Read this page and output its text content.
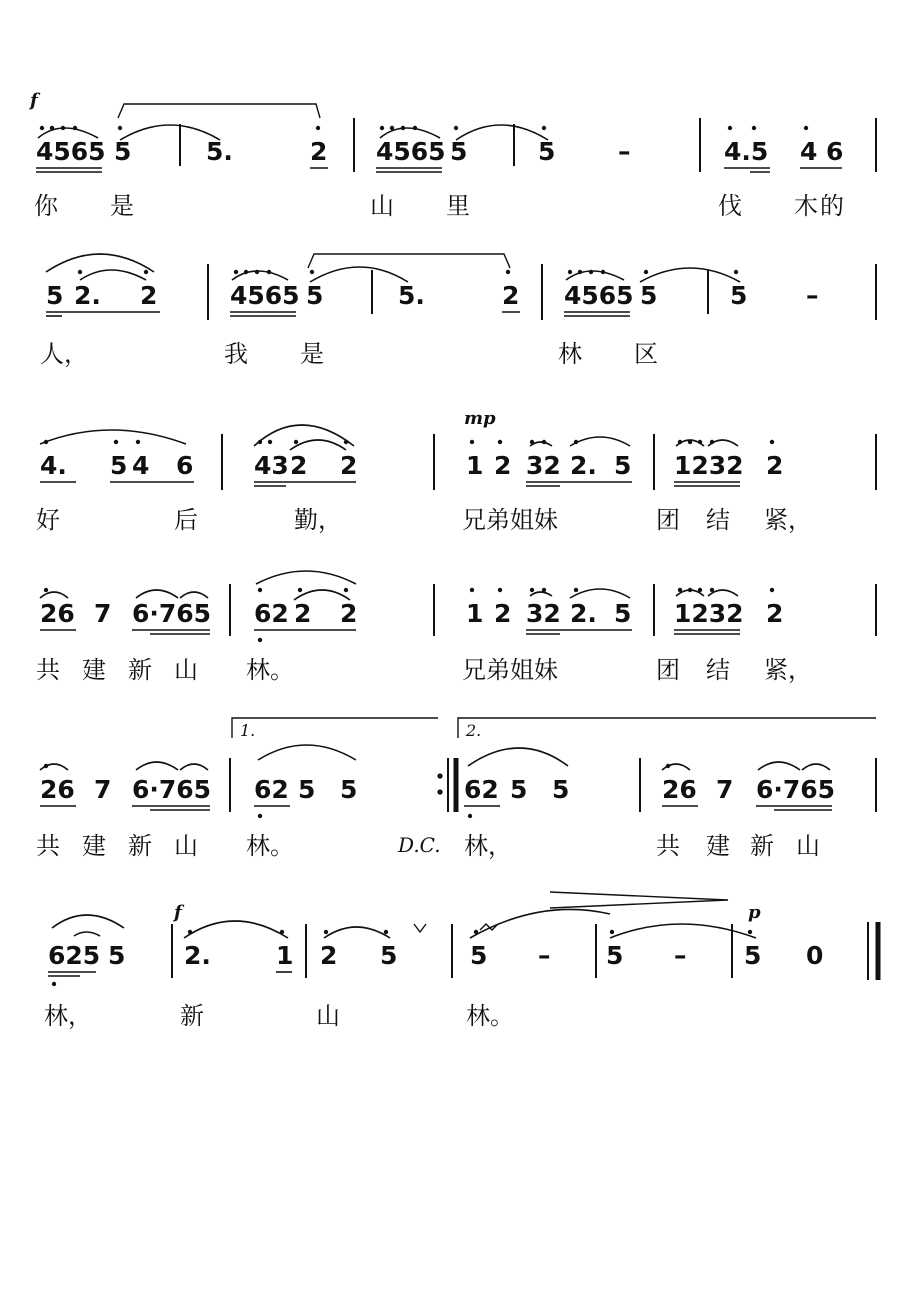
f
4565 5	5.	2 4565 5	5	–	4.5 4 6
你 是	山 里	伐 木 的
5 2. 2	4565 5	5.	2 4565 5	5 –
人，	我 是	林 区
mp
4. 5 4 6 43 2 2	1 2 32 2. 5 1232 2
好	后	勤，	兄弟姐妹	团 结 紧，
26 7 6·765 62 2 2	1 2 32 2. 5 1232 2
共 建 新 山 林。	兄弟姐妹	团 结 紧，
1.	2.
26 7 6·765 62 5 5	62 5 5	26 7 6·765
共 建 新 山 林。	D.C. 林，	共 建 新 山
f	p
625 5 2.	1 2 5	5 – 5 – 5 0
林，	新	山	林。
